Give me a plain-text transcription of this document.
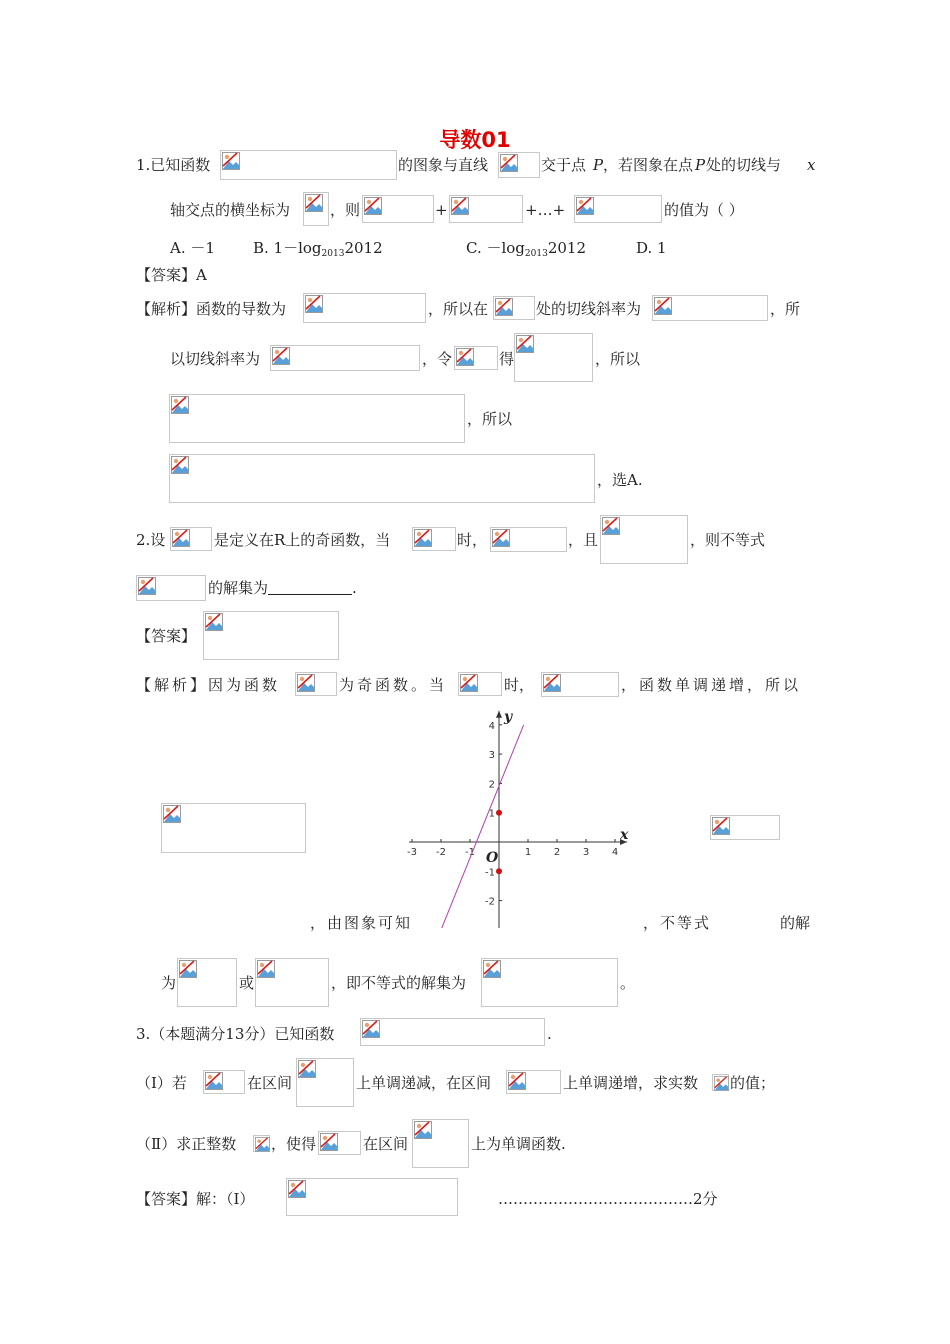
导数01
1.已知函数	的图象与直线	交于点 P ，若图象在点 P 处的切线与 x
轴交点的横坐标为	，则	+	+…+	的值为（ ）
A. －1	B. $1-\log_{2013}2012$	C. $-\log_{2013}2012$	D. 1
【答案】A
【解析】函数的导数为	，所以在	处的切线斜率为	，所
以切线斜率为	，令	得	，所以
，所以
，选A.
2.设	是定义在R上的奇函数，当	时，	，且	，则不等式
的解集为	.
【答案】
【解析】因为函数	为奇函数。当	时，	，函数单调递增，所以
-3 -2 -1	1 2 3 4
4
3
2
1
-1
-2
x
y
O
，由图象可知	，不等式	的解
为	或	，即不等式的解集为	。
3.（本题满分13分）已知函数	.
（Ⅰ）若	在区间	上单调递减，在区间	上单调递增，求实数 的值；
（Ⅱ）求正整数 ，使得	在区间	上为单调函数.
【答案】解：（Ⅰ）	…………………………………2分
